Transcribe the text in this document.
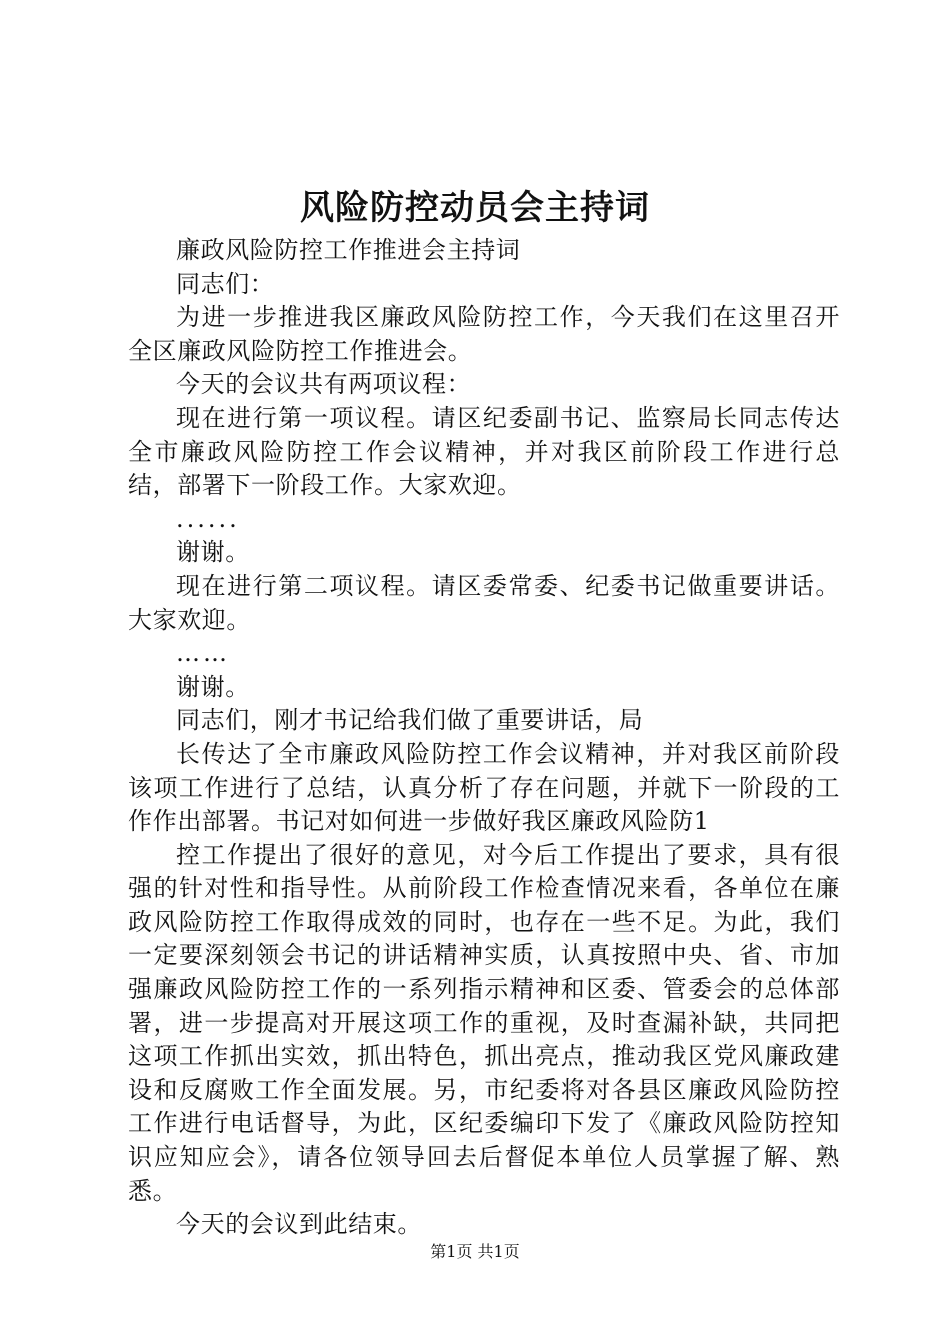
风险防控动员会主持词

廉政风险防控工作推进会主持词

同志们：

为进一步推进我区廉政风险防控工作，今天我们在这里召开全区廉政风险防控工作推进会。

今天的会议共有两项议程：

现在进行第一项议程。请区纪委副书记、监察局长同志传达全市廉政风险防控工作会议精神，并对我区前阶段工作进行总结，部署下一阶段工作。大家欢迎。

......

谢谢。

现在进行第二项议程。请区委常委、纪委书记做重要讲话。大家欢迎。

……

谢谢。

同志们，刚才书记给我们做了重要讲话，局

长传达了全市廉政风险防控工作会议精神，并对我区前阶段该项工作进行了总结，认真分析了存在问题，并就下一阶段的工作作出部署。书记对如何进一步做好我区廉政风险防1

控工作提出了很好的意见，对今后工作提出了要求，具有很强的针对性和指导性。从前阶段工作检查情况来看，各单位在廉政风险防控工作取得成效的同时，也存在一些不足。为此，我们一定要深刻领会书记的讲话精神实质，认真按照中央、省、市加强廉政风险防控工作的一系列指示精神和区委、管委会的总体部署，进一步提高对开展这项工作的重视，及时查漏补缺，共同把这项工作抓出实效，抓出特色，抓出亮点，推动我区党风廉政建设和反腐败工作全面发展。另，市纪委将对各县区廉政风险防控工作进行电话督导，为此，区纪委编印下发了《廉政风险防控知识应知应会》，请各位领导回去后督促本单位人员掌握了解、熟悉。

今天的会议到此结束。

第1页 共1页
